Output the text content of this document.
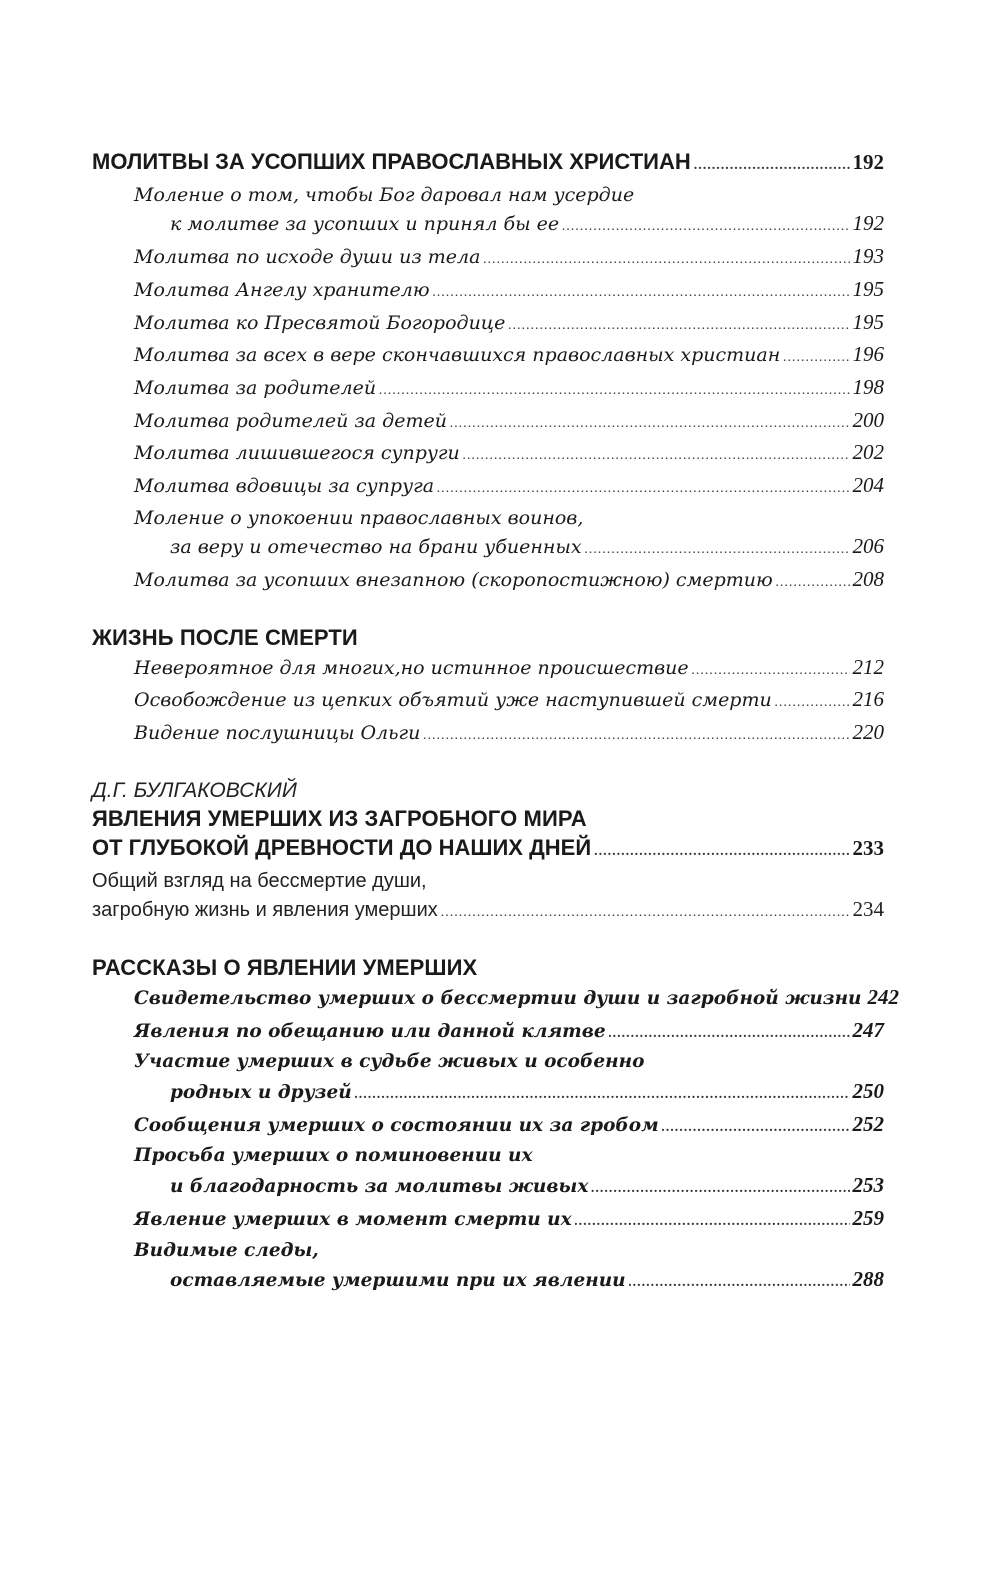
МОЛИТВЫ ЗА УСОПШИХ ПРАВОСЛАВНЫХ ХРИСТИАН .....	192
Моление о том, чтобы Бог даровал нам усердие
к молитве за усопших и принял бы ее .....	192
Молитва по исходе души из тела .....	193
Молитва Ангелу хранителю .....	195
Молитва ко Пресвятой Богородице .....	195
Молитва за всех в вере скончавшихся православных христиан .....	196
Молитва за родителей .....	198
Молитва родителей за детей .....	200
Молитва лишившегося супруги .....	202
Молитва вдовицы за супруга .....	204
Моление о упокоении православных воинов,
за веру и отечество на брани убиенных .....	206
Молитва за усопших внезапною (скоропостижною) смертию .....	208
ЖИЗНЬ ПОСЛЕ СМЕРТИ
Невероятное для многих,но истинное происшествие .....	212
Освобождение из цепких объятий уже наступившей смерти .....	216
Видение послушницы Ольги .....	220
Д.Г. БУЛГАКОВСКИЙ
ЯВЛЕНИЯ УМЕРШИХ ИЗ ЗАГРОБНОГО МИРА
ОТ ГЛУБОКОЙ ДРЕВНОСТИ ДО НАШИХ ДНЕЙ .....	233
Общий взгляд на бессмертие души,
загробную жизнь и явления умерших .....	234
РАССКАЗЫ О ЯВЛЕНИИ УМЕРШИХ
Свидетельство умерших о бессмертии души и загробной жизни 242
Явления по обещанию или данной клятве .....	247
Участие умерших в судьбе живых и особенно
родных и друзей .....	250
Сообщения умерших о состоянии их за гробом .....	252
Просьба умерших о поминовении их
и благодарность за молитвы живых .....	253
Явление умерших в момент смерти их .....	259
Видимые следы,
оставляемые умершими при их явлении .....	288
